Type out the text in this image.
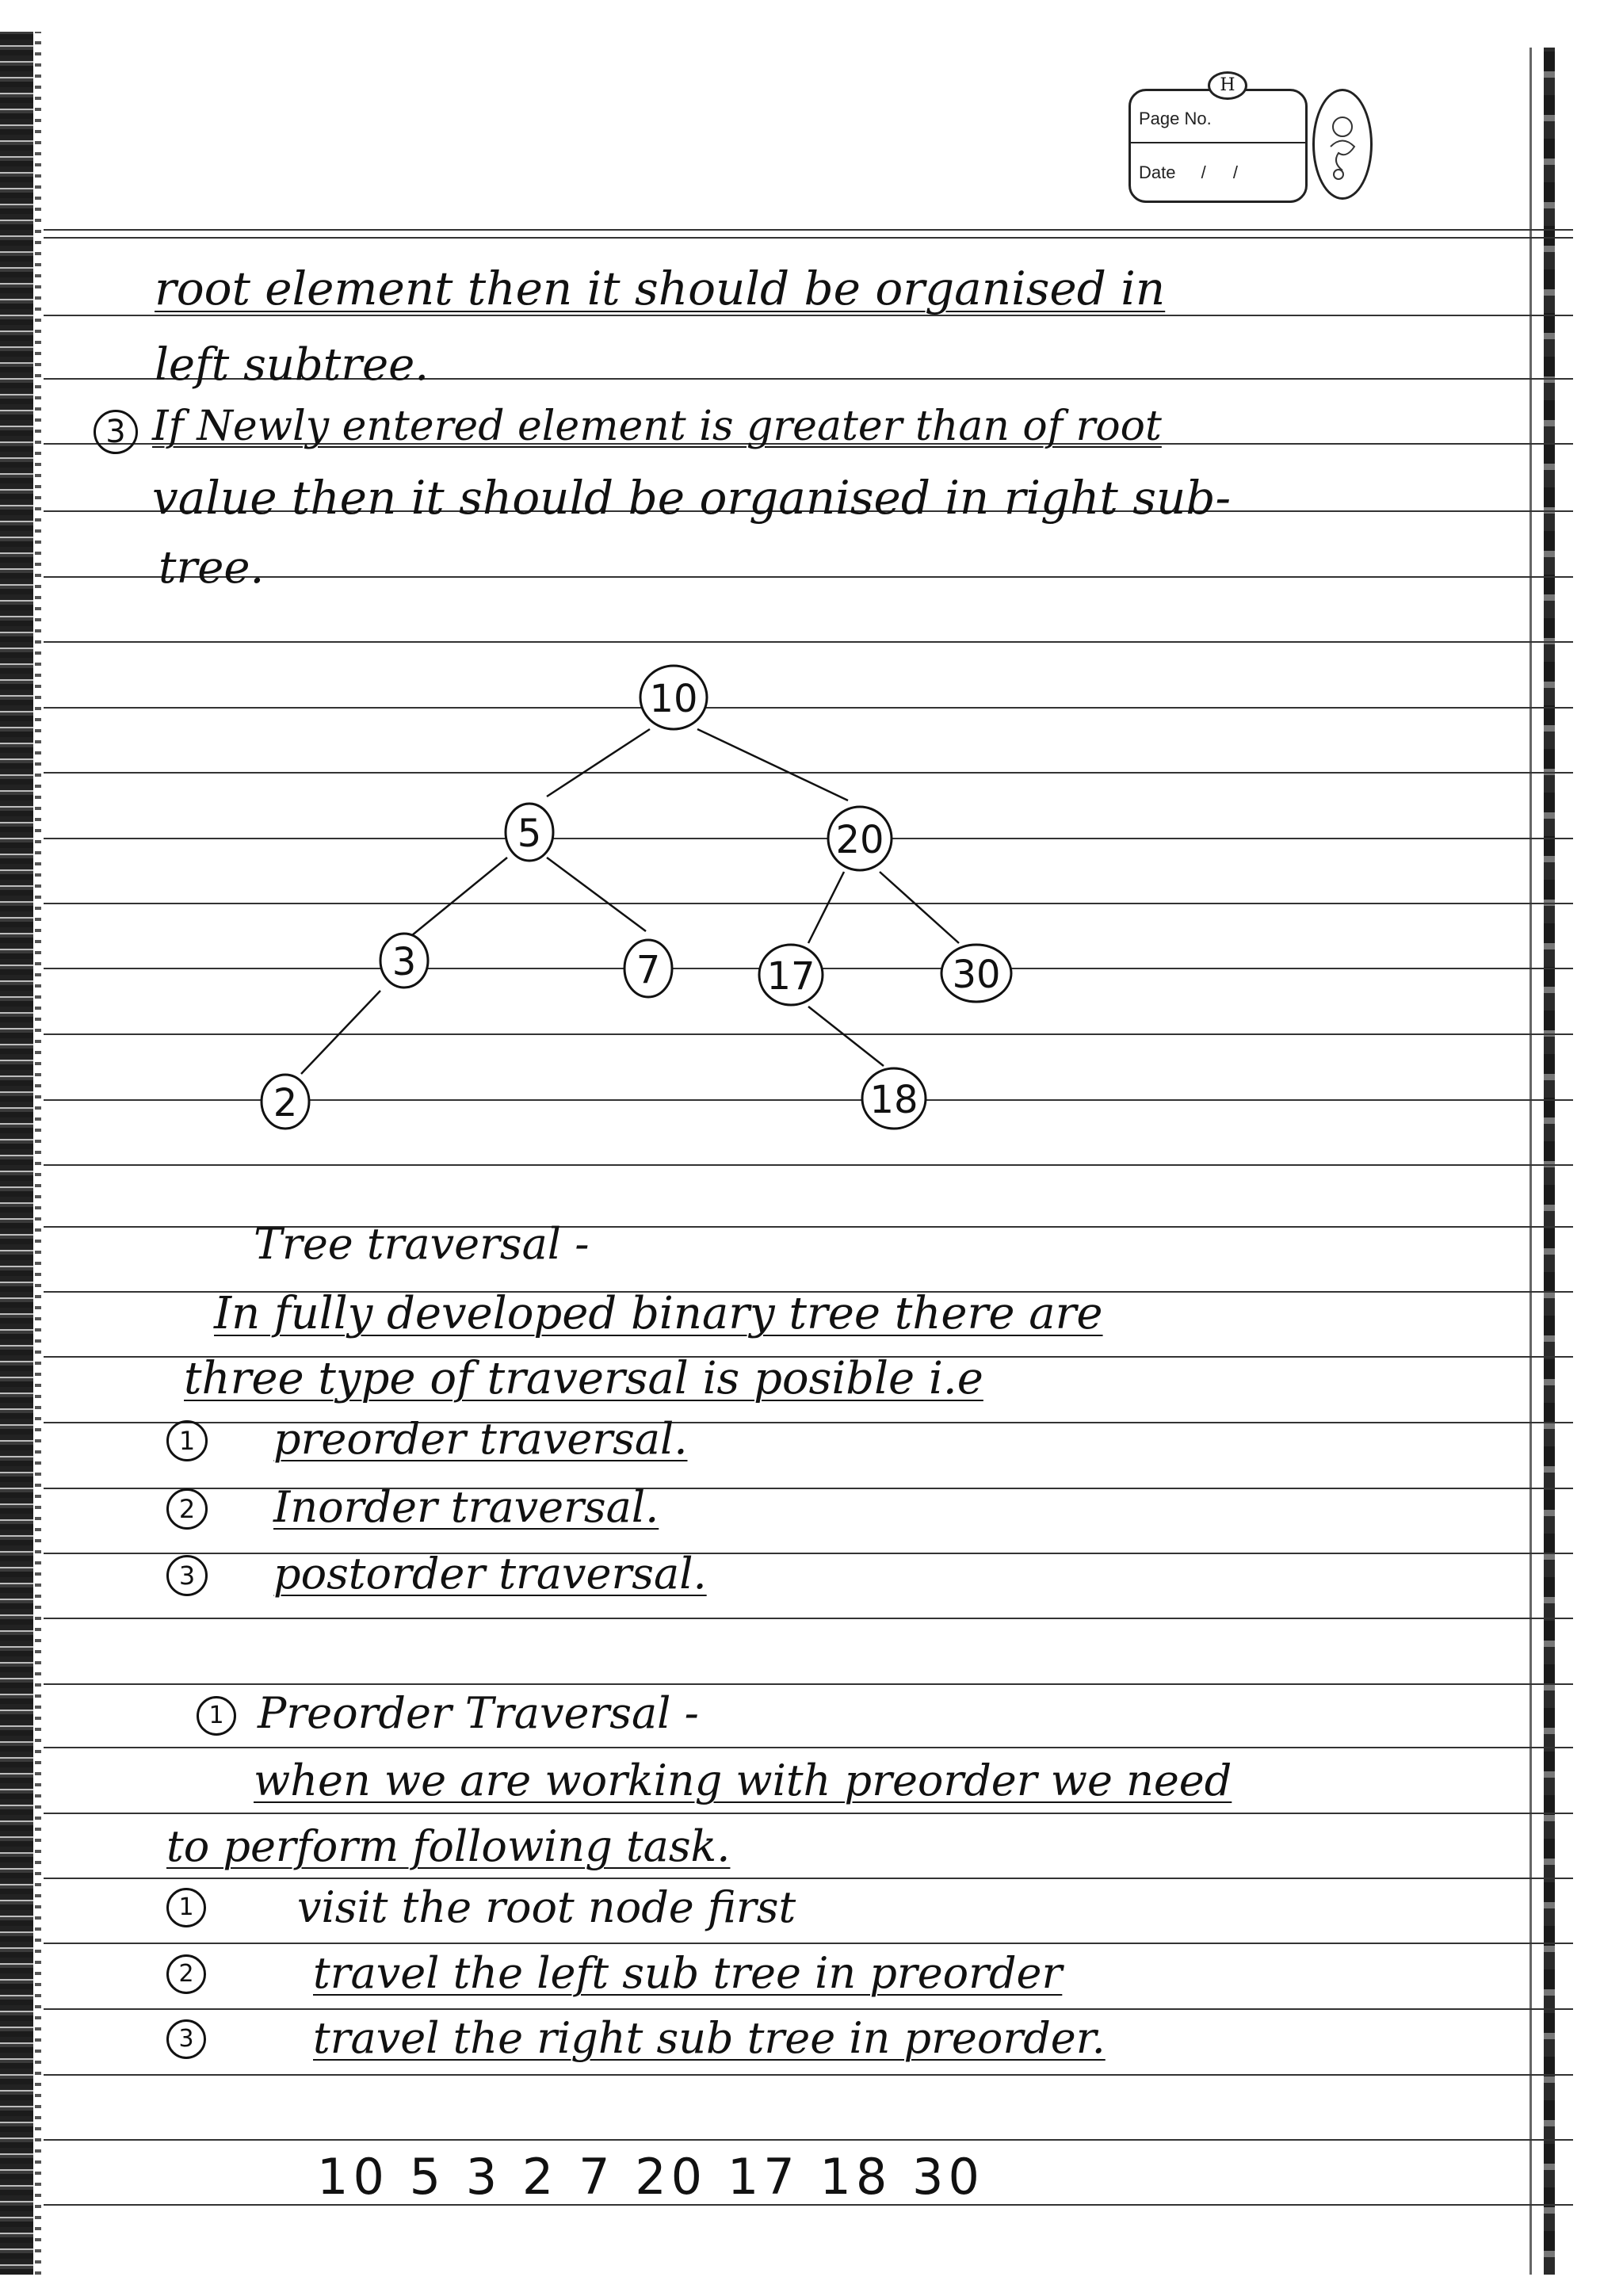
Page No.
Date / /
H
root element then it should be organised in
left subtree.
3 If Newly entered element is greater than of root
value then it should be organised in right sub-
tree.
10
5	20
3	7	17	30
2	18
Tree traversal -
In fully developed binary tree there are
three type of traversal is posible i.e
1 preorder traversal.
2 Inorder traversal.
3 postorder traversal.
1 Preorder Traversal -
when we are working with preorder we need
to perform following task.
1 visit the root node first
2	travel the left sub tree in preorder
3	travel the right sub tree in preorder.
10 5 3 2 7 20 17 18 30
